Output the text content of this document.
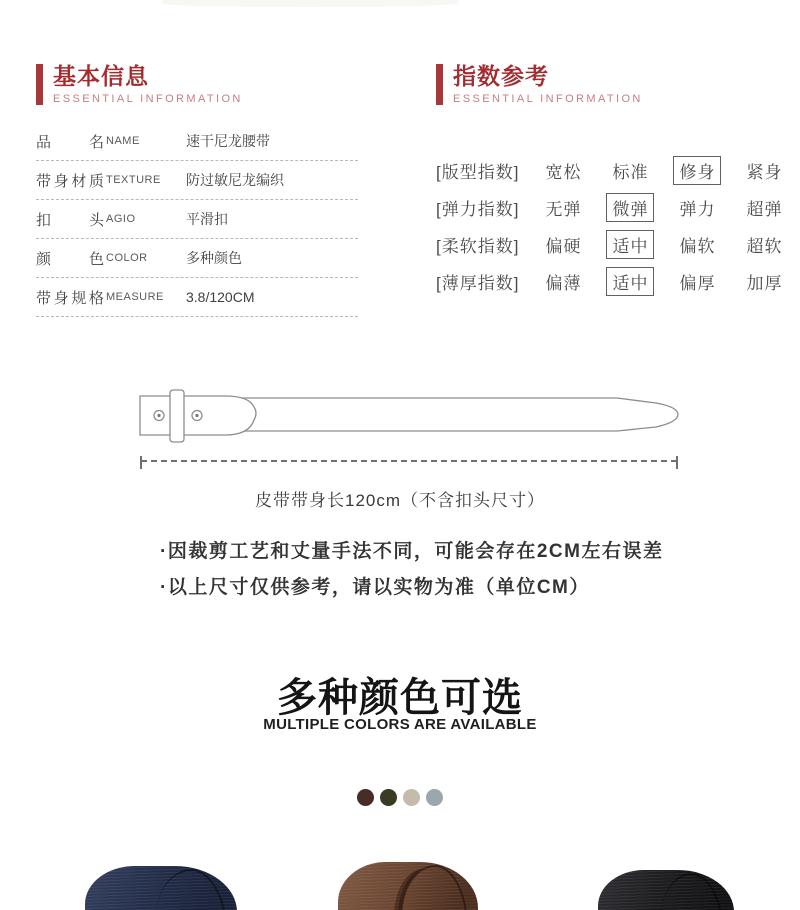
基本信息
ESSENTIAL INFORMATION
指数参考
ESSENTIAL INFORMATION
品名 NAME	速干尼龙腰带
带身材质 TEXTURE	防过敏尼龙编织
扣头 AGIO	平滑扣
颜色 COLOR	多种颜色
带身规格 MEASURE	3.8/120CM
[版型指数]	宽松	标准	修身	紧身
[弹力指数]	无弹	微弹	弹力	超弹
[柔软指数]	偏硬	适中	偏软	超软
[薄厚指数]	偏薄	适中	偏厚	加厚
皮带带身长120cm（不含扣头尺寸）
·因裁剪工艺和丈量手法不同，可能会存在2CM左右误差
·以上尺寸仅供参考，请以实物为准（单位CM）
多种颜色可选
MULTIPLE COLORS ARE AVAILABLE
